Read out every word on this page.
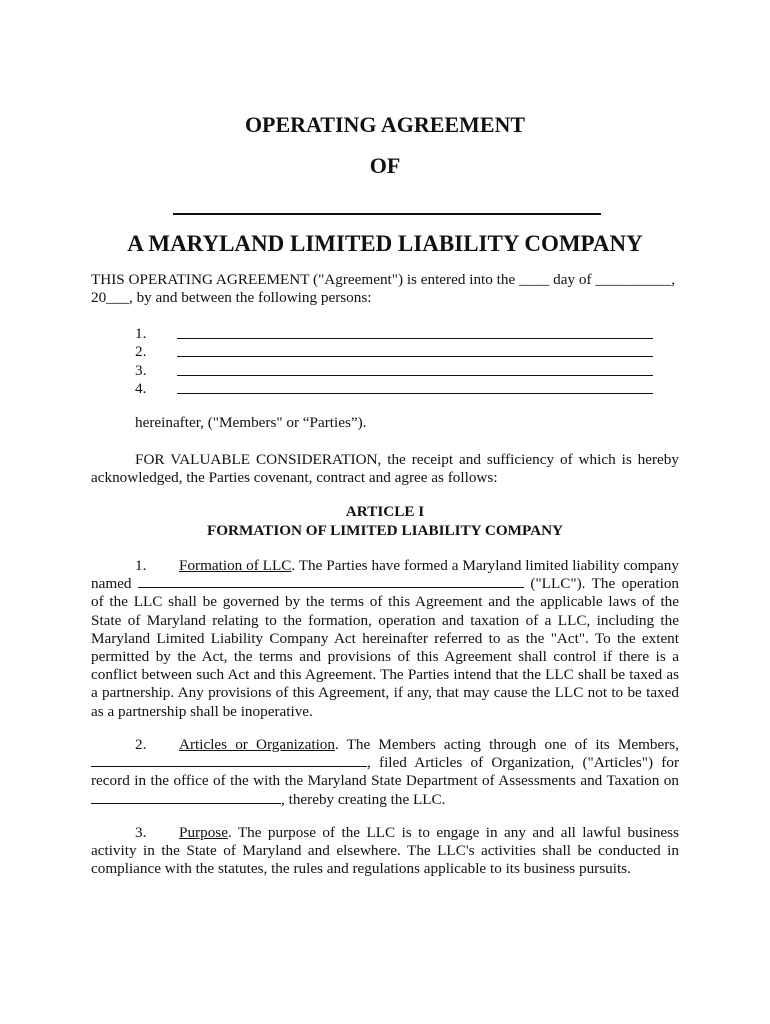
OPERATING AGREEMENT
OF
A MARYLAND LIMITED LIABILITY COMPANY

THIS OPERATING AGREEMENT ("Agreement") is entered into the ____ day of __________, 20___, by and between the following persons:

1.
2.
3.
4.

hereinafter, ("Members" or “Parties”).

FOR VALUABLE CONSIDERATION, the receipt and sufficiency of which is hereby acknowledged, the Parties covenant, contract and agree as follows:

ARTICLE I
FORMATION OF LIMITED LIABILITY COMPANY

1. Formation of LLC. The Parties have formed a Maryland limited liability company named	("LLC"). The operation of the LLC shall be governed by the terms of this Agreement and the applicable laws of the State of Maryland relating to the formation, operation and taxation of a LLC, including the Maryland Limited Liability Company Act hereinafter referred to as the "Act". To the extent permitted by the Act, the terms and provisions of this Agreement shall control if there is a conflict between such Act and this Agreement. The Parties intend that the LLC shall be taxed as a partnership. Any provisions of this Agreement, if any, that may cause the LLC not to be taxed as a partnership shall be inoperative.

2. Articles or Organization. The Members acting through one of its Members, , filed Articles of Organization, ("Articles") for record in the office of the with the Maryland State Department of Assessments and Taxation on , thereby creating the LLC.

3. Purpose. The purpose of the LLC is to engage in any and all lawful business activity in the State of Maryland and elsewhere. The LLC's activities shall be conducted in compliance with the statutes, the rules and regulations applicable to its business pursuits.
